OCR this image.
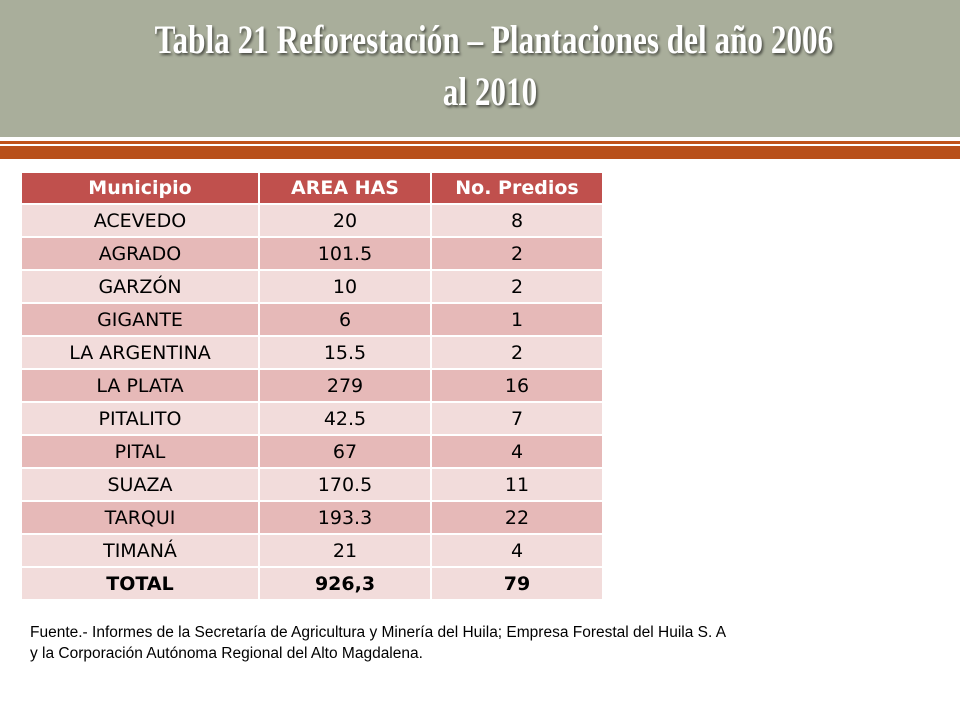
Tabla 21 Reforestación – Plantaciones del año 2006
al 2010
Municipio	AREA HAS	No. Predios
ACEVEDO	20	8
AGRADO	101.5	2
GARZÓN	10	2
GIGANTE	6	1
LA ARGENTINA	15.5	2
LA PLATA	279	16
PITALITO	42.5	7
PITAL	67	4
SUAZA	170.5	11
TARQUI	193.3	22
TIMANÁ	21	4
TOTAL	926,3	79
Fuente.- Informes de la Secretaría de Agricultura y Minería del Huila; Empresa Forestal del Huila S. A
y la Corporación Autónoma Regional del Alto Magdalena.
